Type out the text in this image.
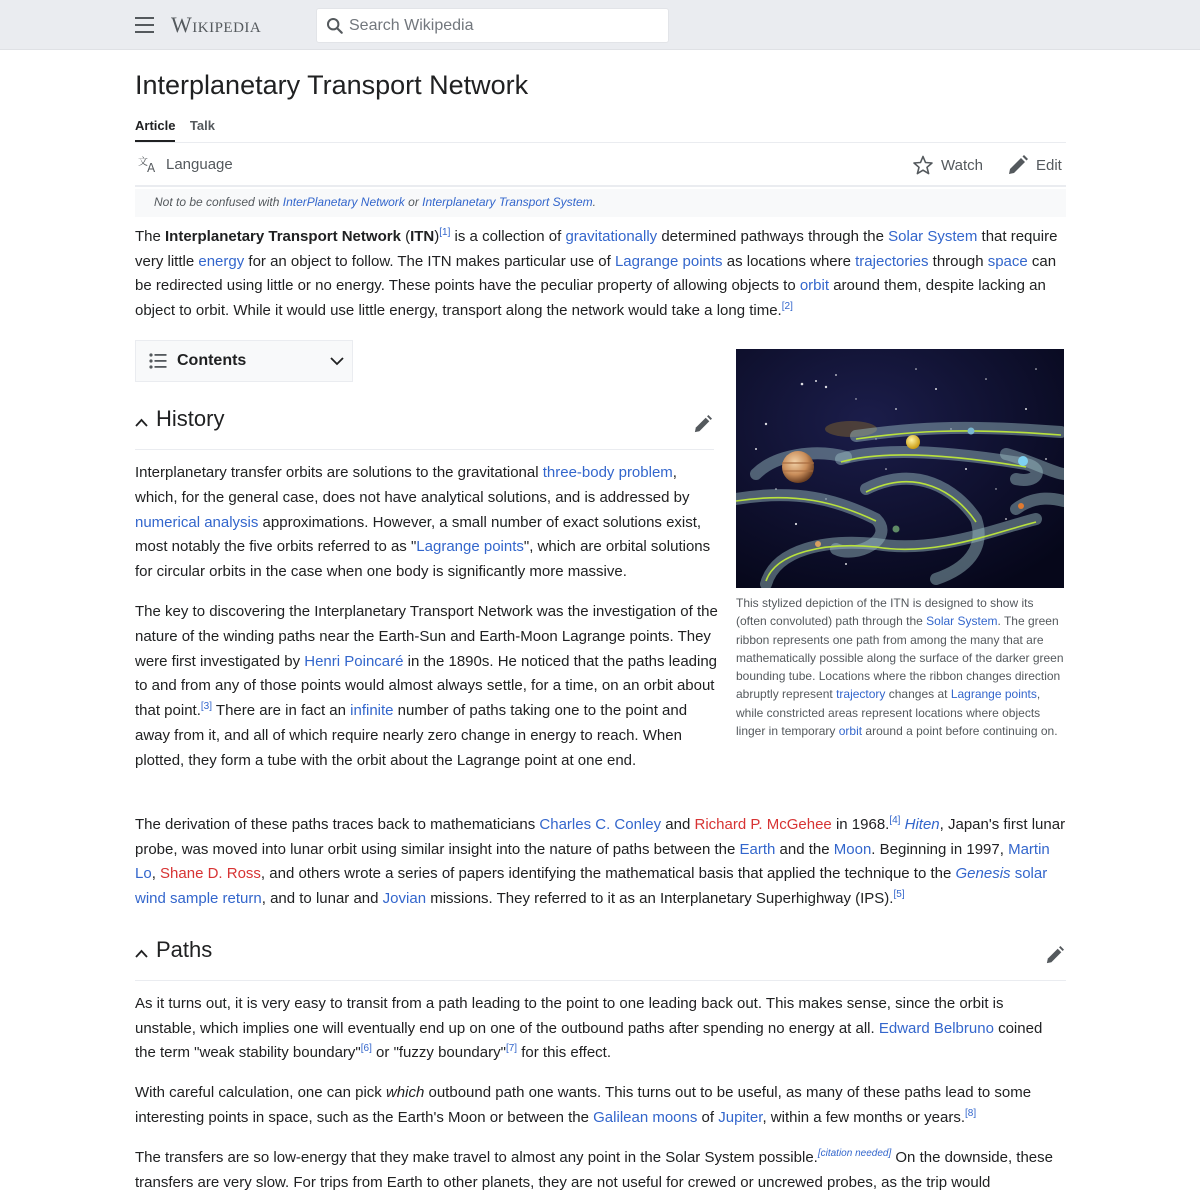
Wikipedia
Search Wikipedia
Interplanetary Transport Network
Article Talk
文 A Language	Watch	Edit
Not to be confused with InterPlanetary Network or Interplanetary Transport System.

The Interplanetary Transport Network (ITN)[1] is a collection of gravitationally determined pathways through the Solar System that require very little energy for an object to follow. The ITN makes particular use of Lagrange points as locations where trajectories through space can be redirected using little or no energy. These points have the peculiar property of allowing objects to orbit around them, despite lacking an object to orbit. While it would use little energy, transport along the network would take a long time.[2]

Contents
History

Interplanetary transfer orbits are solutions to the gravitational three-body problem, which, for the general case, does not have analytical solutions, and is addressed by numerical analysis approximations. However, a small number of exact solutions exist, most notably the five orbits referred to as "Lagrange points", which are orbital solutions for circular orbits in the case when one body is significantly more massive.

The key to discovering the Interplanetary Transport Network was the investigation of the nature of the winding paths near the Earth-Sun and Earth-Moon Lagrange points. They were first investigated by Henri Poincaré in the 1890s. He noticed that the paths leading to and from any of those points would almost always settle, for a time, on an orbit about that point.[3] There are in fact an infinite number of paths taking one to the point and away from it, and all of which require nearly zero change in energy to reach. When plotted, they form a tube with the orbit about the Lagrange point at one end.

This stylized depiction of the ITN is designed to show its (often convoluted) path through the Solar System. The green ribbon represents one path from among the many that are mathematically possible along the surface of the darker green bounding tube. Locations where the ribbon changes direction abruptly represent trajectory changes at Lagrange points, while constricted areas represent locations where objects linger in temporary orbit around a point before continuing on.

The derivation of these paths traces back to mathematicians Charles C. Conley and Richard P. McGehee in 1968.[4] Hiten, Japan's first lunar probe, was moved into lunar orbit using similar insight into the nature of paths between the Earth and the Moon. Beginning in 1997, Martin Lo, Shane D. Ross, and others wrote a series of papers identifying the mathematical basis that applied the technique to the Genesis solar wind sample return, and to lunar and Jovian missions. They referred to it as an Interplanetary Superhighway (IPS).[5]

Paths

As it turns out, it is very easy to transit from a path leading to the point to one leading back out. This makes sense, since the orbit is unstable, which implies one will eventually end up on one of the outbound paths after spending no energy at all. Edward Belbruno coined the term "weak stability boundary"[6] or "fuzzy boundary"[7] for this effect.

With careful calculation, one can pick which outbound path one wants. This turns out to be useful, as many of these paths lead to some interesting points in space, such as the Earth's Moon or between the Galilean moons of Jupiter, within a few months or years.[8]

The transfers are so low-energy that they make travel to almost any point in the Solar System possible.[citation needed] On the downside, these transfers are very slow. For trips from Earth to other planets, they are not useful for crewed or uncrewed probes, as the trip would
